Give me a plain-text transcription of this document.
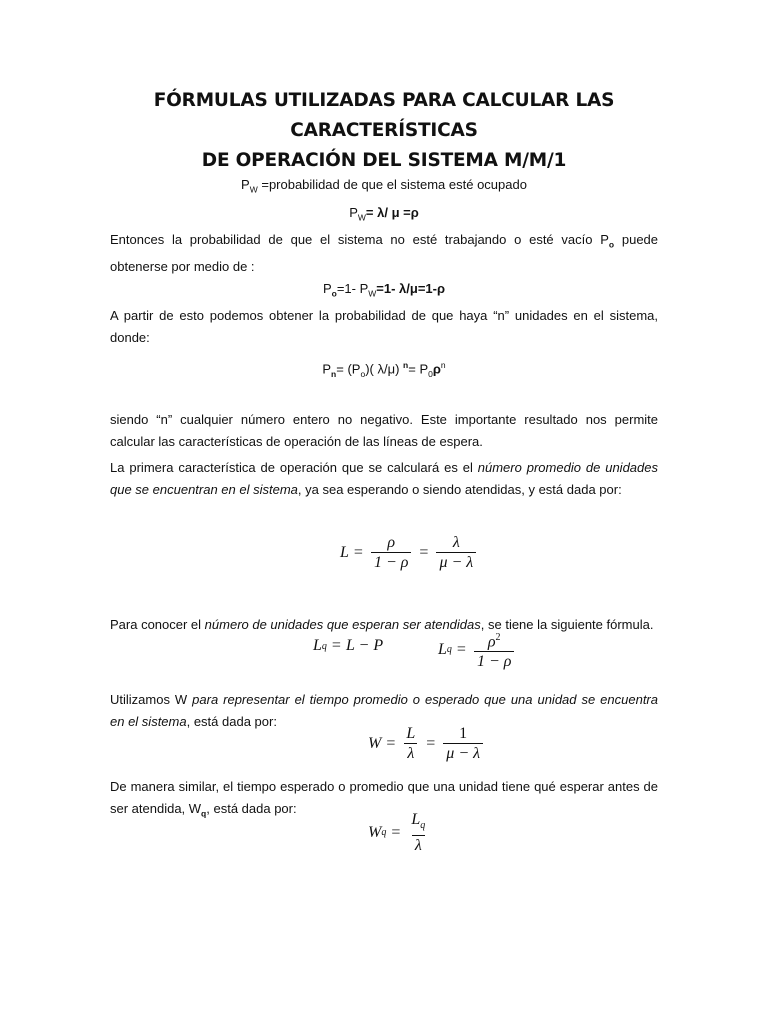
FÓRMULAS UTILIZADAS PARA CALCULAR LAS CARACTERÍSTICAS
DE OPERACIÓN DEL SISTEMA M/M/1
$P_W$ =probabilidad de que el sistema esté ocupado
$P_W= \lambda/$ μ =ρ
Entonces la probabilidad de que el sistema no esté trabajando o esté vacío $P_o$ puede obtenerse por medio de :
$P_o=1-$ $P_W=1-$ λ/μ=1-ρ
A partir de esto podemos obtener la probabilidad de que haya “n” unidades en el sistema, donde:
$P_n= (P_o)$( λ/μ) $^n= P_0\rho^n$
siendo “n” cualquier número entero no negativo. Este importante resultado nos permite calcular las características de operación de las líneas de espera.
La primera característica de operación que se calculará es el número promedio de unidades que se encuentran en el sistema, ya sea esperando o siendo atendidas, y está dada por:
$L = \frac{\rho}{1 - \rho} = \frac{\lambda}{\mu - \lambda}$
Para conocer el número de unidades que esperan ser atendidas, se tiene la siguiente fórmula.
L q = L − P	L $q = \frac{\rho^2}{1 - \rho}$
Utilizamos W para representar el tiempo promedio o esperado que una unidad se encuentra en el sistema, está dada por:
$W = \frac{L}{\lambda} = \frac{1}{\mu - \lambda}$
De manera similar, el tiempo esperado o promedio que una unidad tiene qué esperar antes de ser atendida, $W_q$, está dada por:
W $q = \frac{L_q}{\lambda}$
